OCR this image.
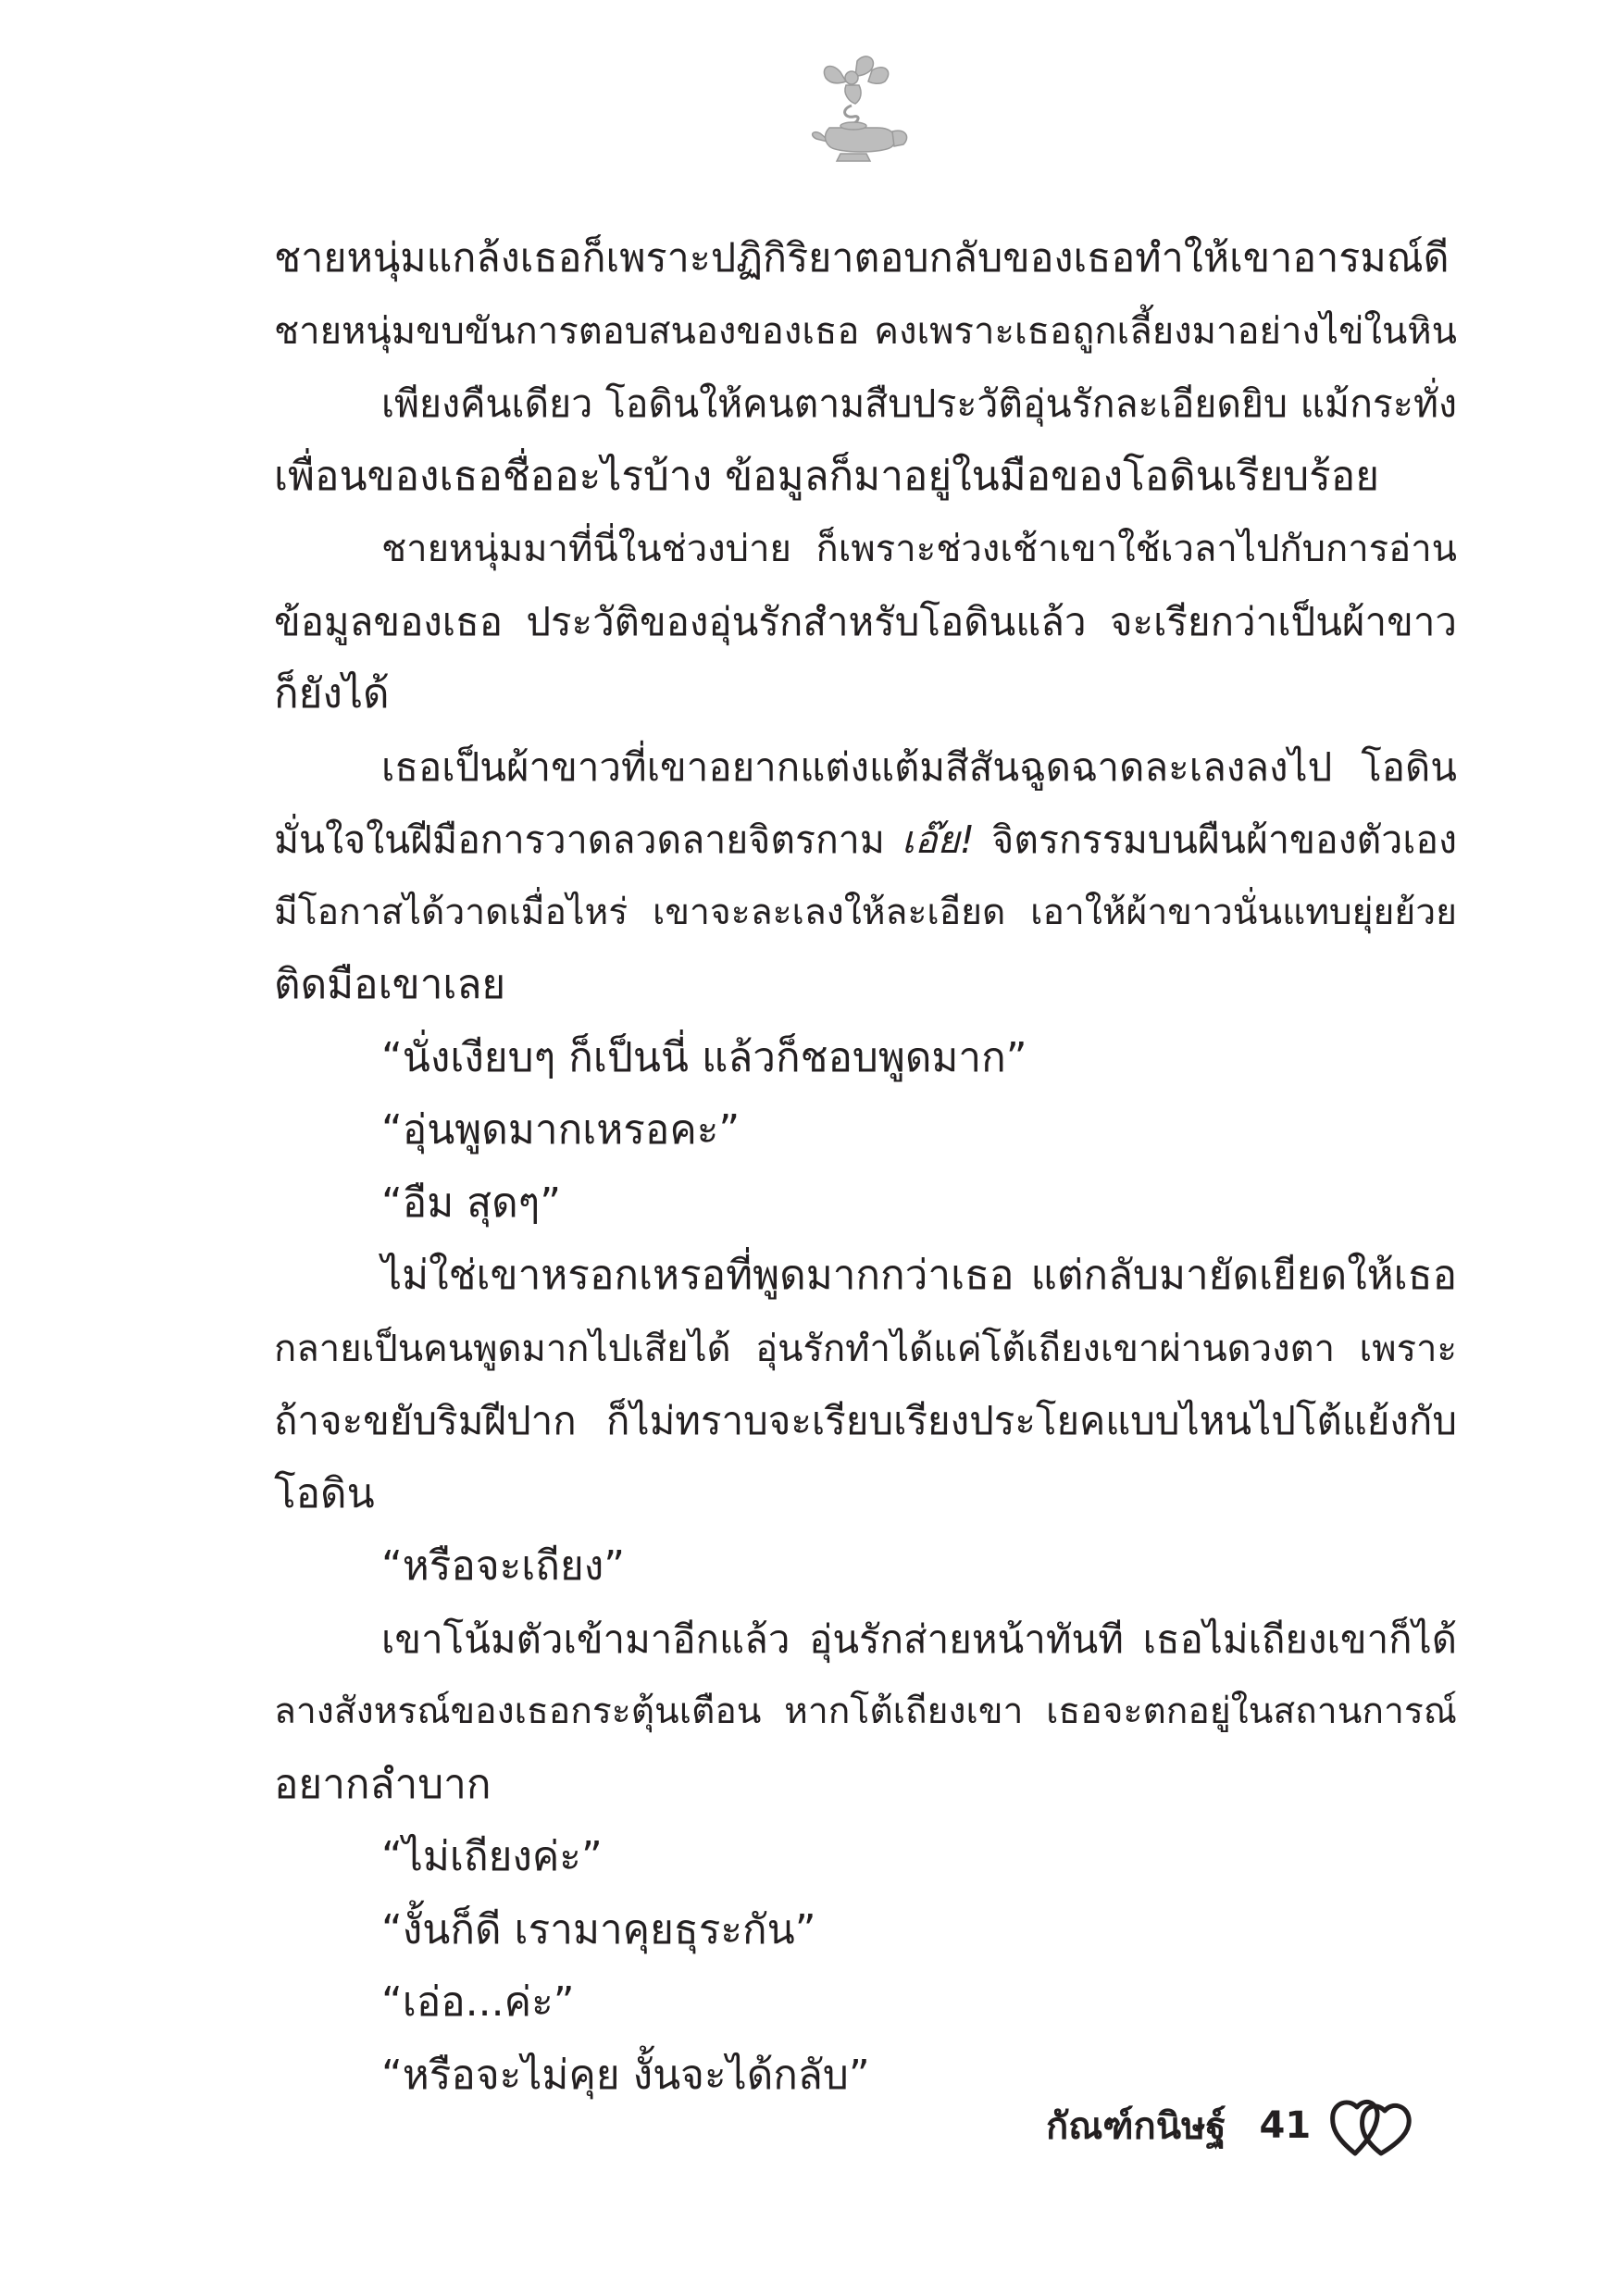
ชายหนุ่มแกล้งเธอก็เพราะปฏิกิริยาตอบกลับของเธอทำให้เขาอารมณ์ดี
ชายหนุ่มขบขันการตอบสนองของเธอ คงเพราะเธอถูกเลี้ยงมาอย่างไข่ในหิน
เพียงคืนเดียว โอดินให้คนตามสืบประวัติอุ่นรักละเอียดยิบ แม้กระทั่ง
เพื่อนของเธอชื่ออะไรบ้าง ข้อมูลก็มาอยู่ในมือของโอดินเรียบร้อย
ชายหนุ่มมาที่นี่ในช่วงบ่าย ก็เพราะช่วงเช้าเขาใช้เวลาไปกับการอ่าน
ข้อมูลของเธอ ประวัติของอุ่นรักสำหรับโอดินแล้ว จะเรียกว่าเป็นผ้าขาว
ก็ยังได้
เธอเป็นผ้าขาวที่เขาอยากแต่งแต้มสีสันฉูดฉาดละเลงลงไป โอดิน
มั่นใจในฝีมือการวาดลวดลายจิตรกาม เอ๊ย! จิตรกรรมบนผืนผ้าของตัวเอง
มีโอกาสได้วาดเมื่อไหร่ เขาจะละเลงให้ละเอียด เอาให้ผ้าขาวนั่นแทบยุ่ยย้วย
ติดมือเขาเลย
“นั่งเงียบๆ ก็เป็นนี่ แล้วก็ชอบพูดมาก”
“อุ่นพูดมากเหรอคะ”
“อืม สุดๆ”
ไม่ใช่เขาหรอกเหรอที่พูดมากกว่าเธอ แต่กลับมายัดเยียดให้เธอ
กลายเป็นคนพูดมากไปเสียได้ อุ่นรักทำได้แค่โต้เถียงเขาผ่านดวงตา เพราะ
ถ้าจะขยับริมฝีปาก ก็ไม่ทราบจะเรียบเรียงประโยคแบบไหนไปโต้แย้งกับ
โอดิน
“หรือจะเถียง”
เขาโน้มตัวเข้ามาอีกแล้ว อุ่นรักส่ายหน้าทันที เธอไม่เถียงเขาก็ได้
ลางสังหรณ์ของเธอกระตุ้นเตือน หากโต้เถียงเขา เธอจะตกอยู่ในสถานการณ์
อยากลำบาก
“ไม่เถียงค่ะ”
“งั้นก็ดี เรามาคุยธุระกัน”
“เอ่อ...ค่ะ”
“หรือจะไม่คุย งั้นจะได้กลับ”
กัณฑ์กนิษฐ์ 41
